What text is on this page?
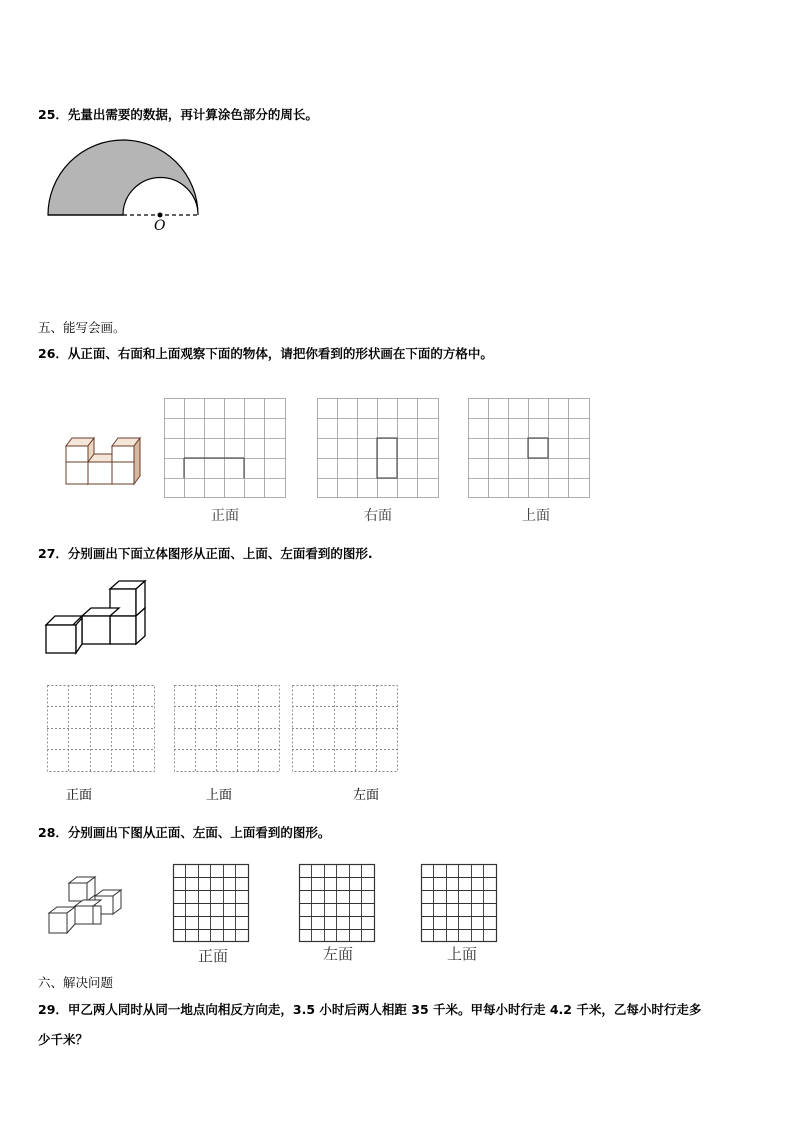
25．先量出需要的数据，再计算涂色部分的周长。
O
五、能写会画。
26．从正面、右面和上面观察下面的物体，请把你看到的形状画在下面的方格中。
正面	右面	上面
27．分别画出下面立体图形从正面、上面、左面看到的图形.
正面	上面	左面
28．分别画出下图从正面、左面、上面看到的图形。
正面	左面	上面
六、解决问题
29．甲乙两人同时从同一地点向相反方向走，3.5 小时后两人相距 35 千米。甲每小时行走 4.2 千米，乙每小时行走多
少千米？
